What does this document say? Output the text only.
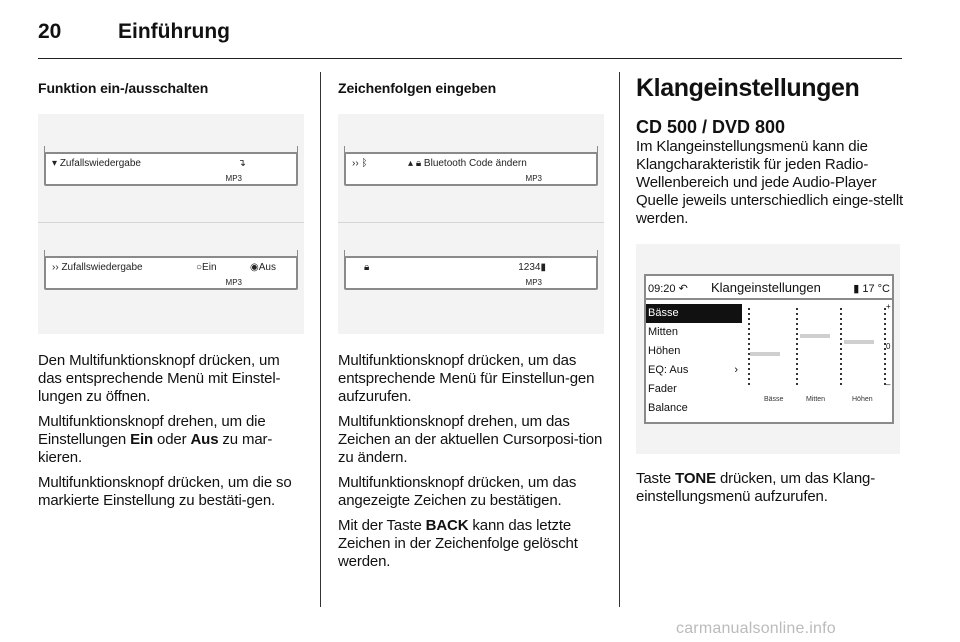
20	Einführung
Funktion ein-/ausschalten
▾ Zufallswiedergabe	↴
MP3
›› Zufallswiedergabe	○Ein	◉Aus
MP3

Den Multifunktionsknopf drücken, um das entsprechende Menü mit Einstel-lungen zu öffnen.

Multifunktionsknopf drehen, um die Einstellungen Ein oder Aus zu mar-kieren.

Multifunktionsknopf drücken, um die so markierte Einstellung zu bestäti-gen.

Zeichenfolgen eingeben
›› ᛒ	▴ 🔒︎ Bluetooth Code ändern
MP3
🔒︎	1234▮
MP3

Multifunktionsknopf drücken, um das entsprechende Menü für Einstellun-gen aufzurufen.

Multifunktionsknopf drehen, um das Zeichen an der aktuellen Cursorposi-tion zu ändern.

Multifunktionsknopf drücken, um das angezeigte Zeichen zu bestätigen.

Mit der Taste BACK kann das letzte Zeichen in der Zeichenfolge gelöscht werden.

Klangeinstellungen
CD 500 / DVD 800

Im Klangeinstellungsmenü kann die Klangcharakteristik für jeden Radio-Wellenbereich und jede Audio-Player Quelle jeweils unterschiedlich einge-stellt werden.

09:20 ↶ Klangeinstellungen	▮ 17 °C
Bässe
Mitten
Höhen
EQ: Aus	›
Fader
Balance
+
0
–
Bässe	Mitten	Höhen

Taste TONE drücken, um das Klang-einstellungsmenü aufzurufen.

carmanualsonline.info
